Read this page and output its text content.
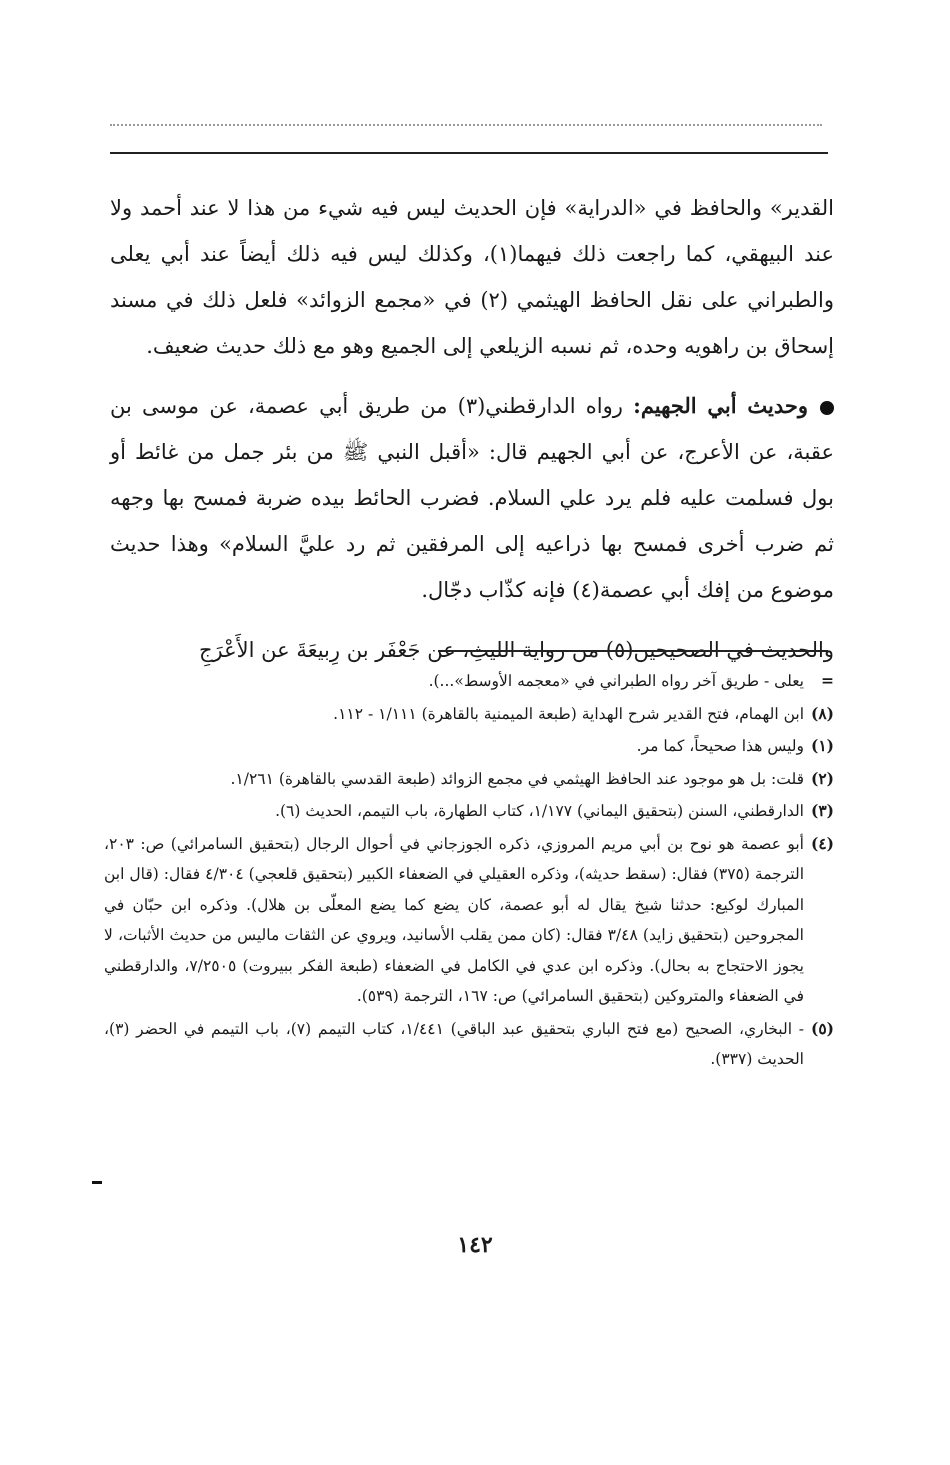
القدير» والحافظ في «الدراية» فإن الحديث ليس فيه شيء من هذا لا عند أحمد ولا عند البيهقي، كما راجعت ذلك فيهما(١)، وكذلك ليس فيه ذلك أيضاً عند أبي يعلى والطبراني على نقل الحافظ الهيثمي (٢) في «مجمع الزوائد» فلعل ذلك في مسند إسحاق بن راهويه وحده، ثم نسبه الزيلعي إلى الجميع وهو مع ذلك حديث ضعيف.

وحديث أبي الجهيم: رواه الدارقطني(٣) من طريق أبي عصمة، عن موسى بن عقبة، عن الأعرج، عن أبي الجهيم قال: «أقبل النبي ﷺ من بئر جمل من غائط أو بول فسلمت عليه فلم يرد علي السلام. فضرب الحائط بيده ضربة فمسح بها وجهه ثم ضرب أخرى فمسح بها ذراعيه إلى المرفقين ثم رد عليَّ السلام» وهذا حديث موضوع من إفك أبي عصمة(٤) فإنه كذّاب دجّال.

والحديث في الصحيحين(٥) من رواية الليثِ، عن جَعْفَر بن رِبيعَةَ عن الأَعْرَجِ

=
يعلى - طريق آخر رواه الطبراني في «معجمه الأوسط»...).
(٨)
ابن الهمام، فتح القدير شرح الهداية (طبعة الميمنية بالقاهرة) ١/١١١ - ١١٢.
(١)
وليس هذا صحيحاً، كما مر.
(٢)
قلت: بل هو موجود عند الحافظ الهيثمي في مجمع الزوائد (طبعة القدسي بالقاهرة) ١/٢٦١.
(٣)
الدارقطني، السنن (بتحقيق اليماني) ١/١٧٧، كتاب الطهارة، باب التيمم، الحديث (٦).
(٤)
أبو عصمة هو نوح بن أبي مريم المروزي، ذكره الجوزجاني في أحوال الرجال (بتحقيق السامرائي) ص: ٢٠٣، الترجمة (٣٧٥) فقال: (سقط حديثه)، وذكره العقيلي في الضعفاء الكبير (بتحقيق قلعجي) ٤/٣٠٤ فقال: (قال ابن المبارك لوكيع: حدثنا شيخ يقال له أبو عصمة، كان يضع كما يضع المعلّى بن هلال). وذكره ابن حبّان في المجروحين (بتحقيق زايد) ٣/٤٨ فقال: (كان ممن يقلب الأسانيد، ويروي عن الثقات ماليس من حديث الأثبات، لا يجوز الاحتجاج به بحال). وذكره ابن عدي في الكامل في الضعفاء (طبعة الفكر ببيروت) ٧/٢٥٠٥، والدارقطني في الضعفاء والمتروكين (بتحقيق السامرائي) ص: ١٦٧، الترجمة (٥٣٩).
(٥)
- البخاري، الصحيح (مع فتح الباري بتحقيق عبد الباقي) ١/٤٤١، كتاب التيمم (٧)، باب التيمم في الحضر (٣)، الحديث (٣٣٧).
١٤٢
